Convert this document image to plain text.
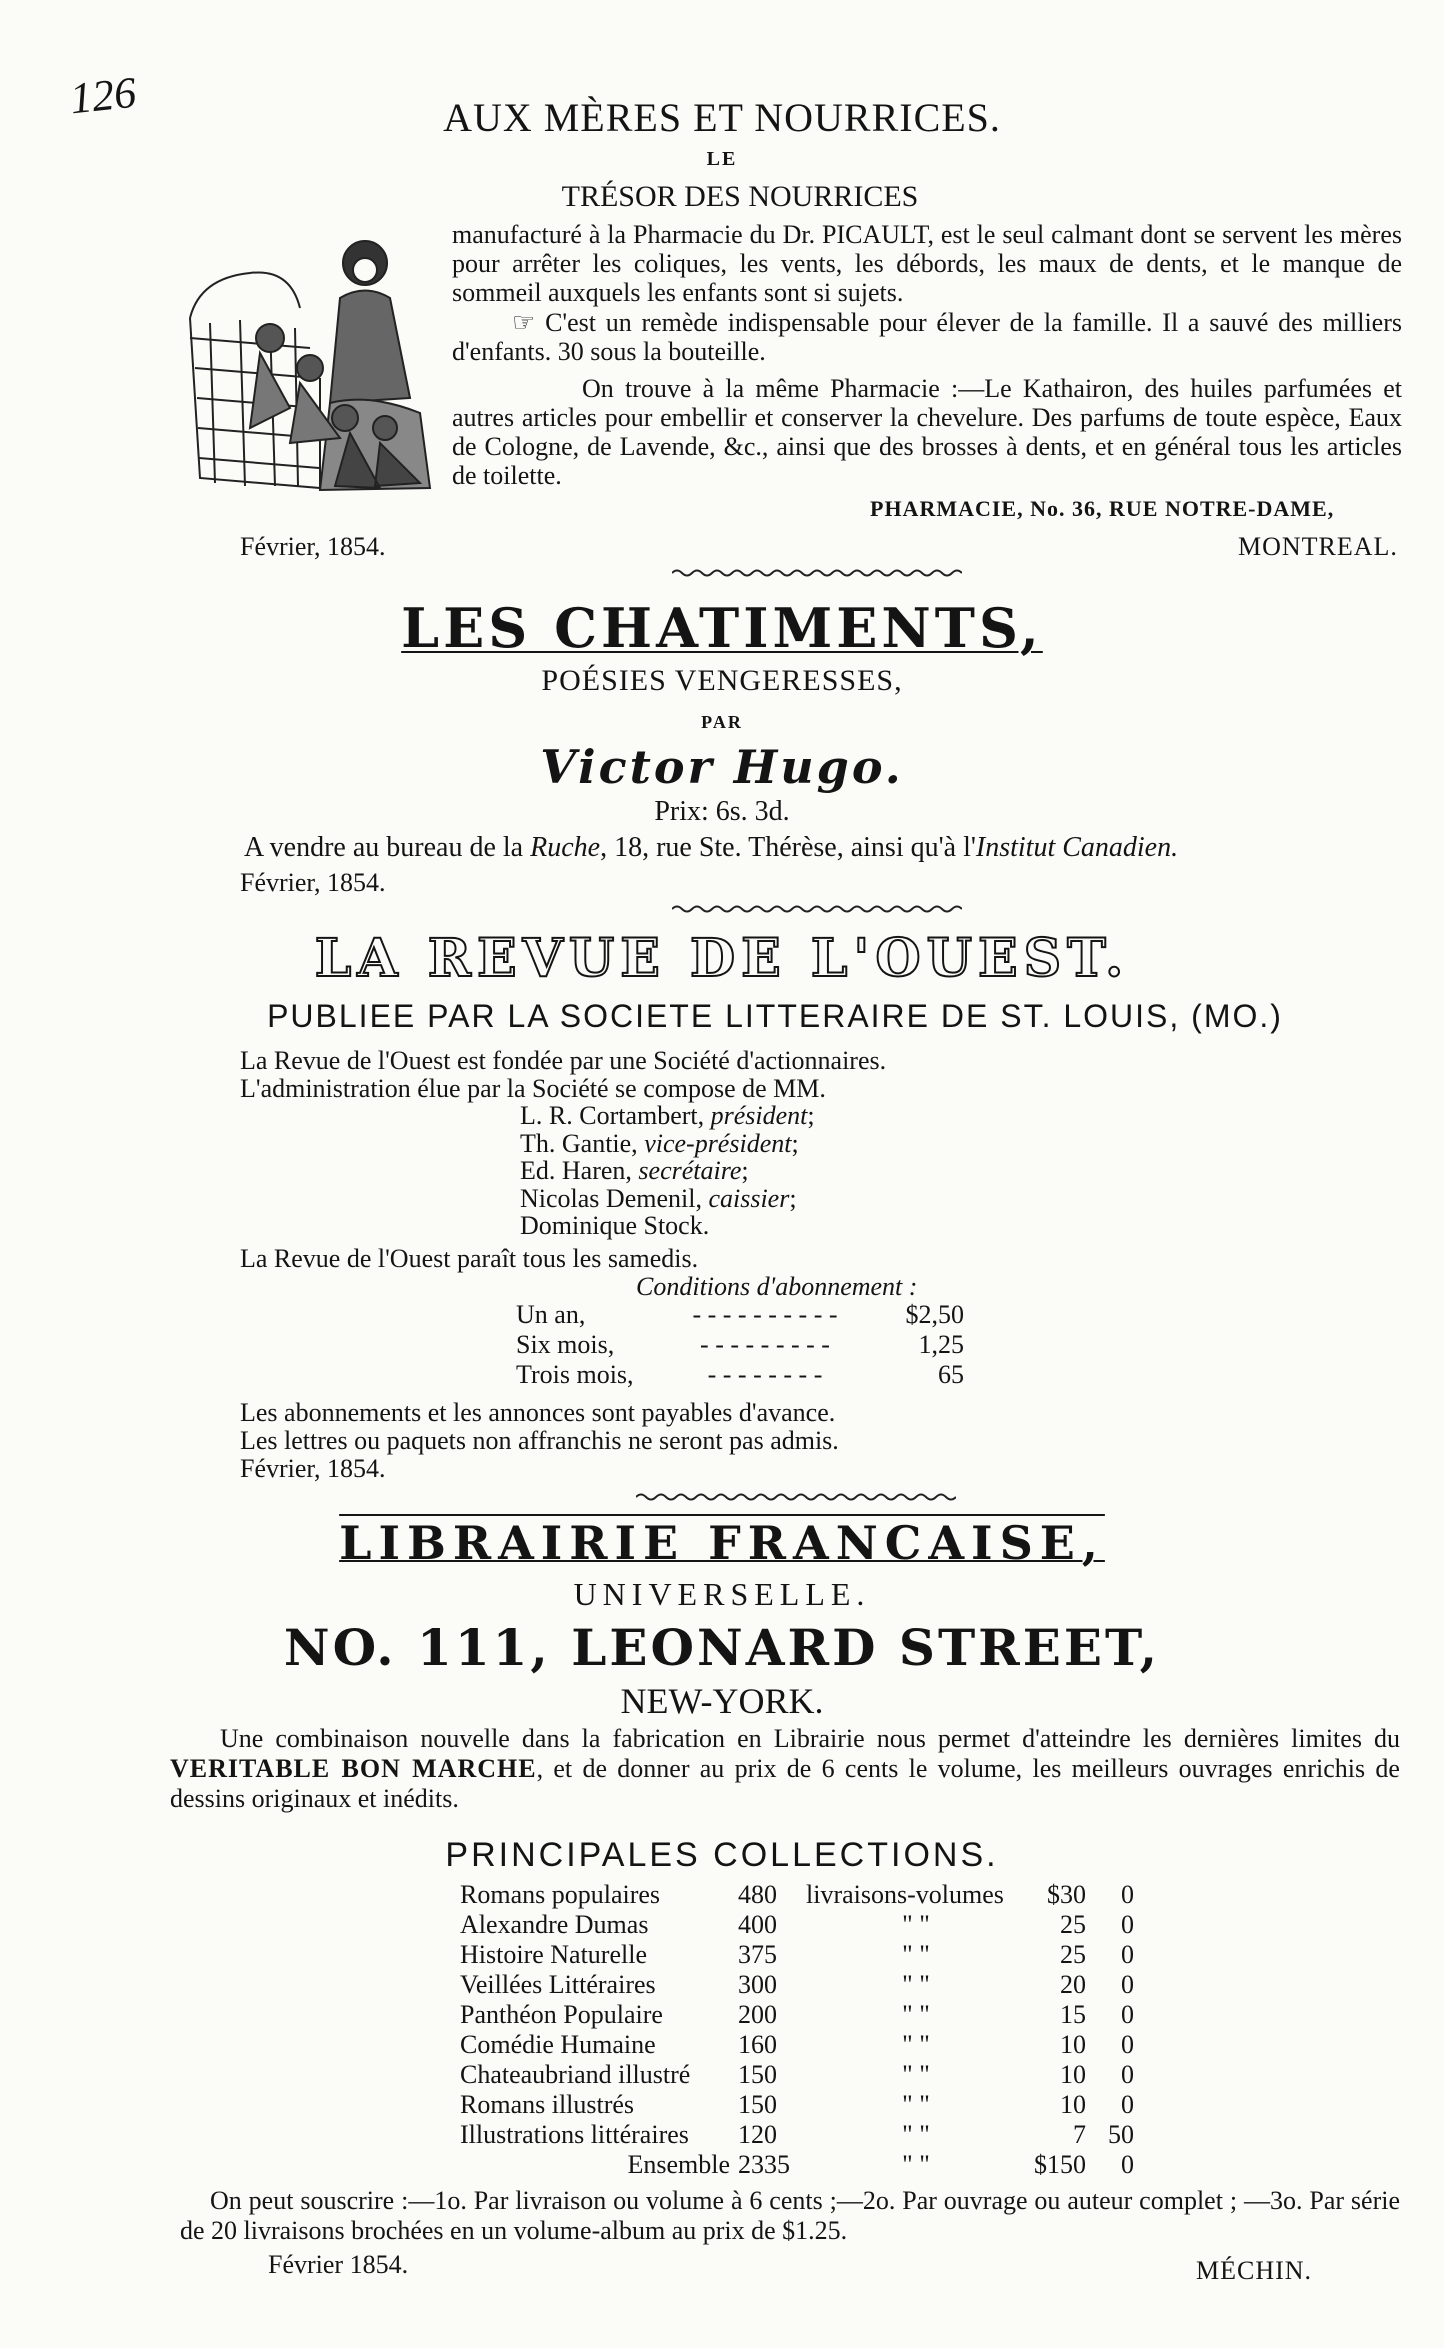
126	AUX MÈRES ET NOURRICES.
LE
TRÉSOR DES NOURRICES
manufacturé à la Pharmacie du Dr. PICAULT, est le seul calmant dont se servent les mères pour arrêter les coliques, les vents, les débords, les maux de dents, et le manque de sommeil auxquels les enfants sont si sujets.
☞ C'est un remède indispensable pour élever de la famille. Il a sauvé des milliers d'enfants. 30 sous la bouteille.
On trouve à la même Pharmacie :—Le Kathairon, des huiles parfumées et autres articles pour embellir et conserver la chevelure. Des parfums de toute espèce, Eaux de Cologne, de Lavende, &c., ainsi que des brosses à dents, et en général tous les articles de toilette.
PHARMACIE, No. 36, RUE NOTRE-DAME,
Février, 1854.	MONTREAL.
LES CHATIMENTS,
POÉSIES VENGERESSES,
PAR
Victor Hugo.
Prix: 6s. 3d.
A vendre au bureau de la Ruche, 18, rue Ste. Thérèse, ainsi qu'à l'Institut Canadien.
Février, 1854.
LA REVUE DE L'OUEST.
PUBLIEE PAR LA SOCIETE LITTERAIRE DE ST. LOUIS, (MO.)
La Revue de l'Ouest est fondée par une Société d'actionnaires.
L'administration élue par la Société se compose de MM.
L. R. Cortambert, président;
Th. Gantie, vice-président;
Ed. Haren, secrétaire;
Nicolas Demenil, caissier;
Dominique Stock.
La Revue de l'Ouest paraît tous les samedis.
Conditions d'abonnement :
Un an,	- - - - - - - - - -	$2,50
Six mois,	- - - - - - - - -	1,25
Trois mois,	- - - - - - - -	65
Les abonnements et les annonces sont payables d'avance.
Les lettres ou paquets non affranchis ne seront pas admis.
Février, 1854.
LIBRAIRIE FRANCAISE,
UNIVERSELLE.
NO. 111, LEONARD STREET,
NEW-YORK.
Une combinaison nouvelle dans la fabrication en Librairie nous permet d'atteindre les dernières limites du VERITABLE BON MARCHE, et de donner au prix de 6 cents le volume, les meilleurs ouvrages enrichis de dessins originaux et inédits.
PRINCIPALES COLLECTIONS.
Romans populaires	480	livraisons-volumes	$30	0
Alexandre Dumas	400	" "	25	0
Histoire Naturelle	375	" "	25	0
Veillées Littéraires	300	" "	20	0
Panthéon Populaire	200	" "	15	0
Comédie Humaine	160	" "	10	0
Chateaubriand illustré	150	" "	10	0
Romans illustrés	150	" "	10	0
Illustrations littéraires	120	" "	7	50
Ensemble	2335	" "	$150	0
On peut souscrire :—1o. Par livraison ou volume à 6 cents ;—2o. Par ouvrage ou auteur complet ; —3o. Par série de 20 livraisons brochées en un volume-album au prix de $1.25.
Février 1854.	MÉCHIN.
